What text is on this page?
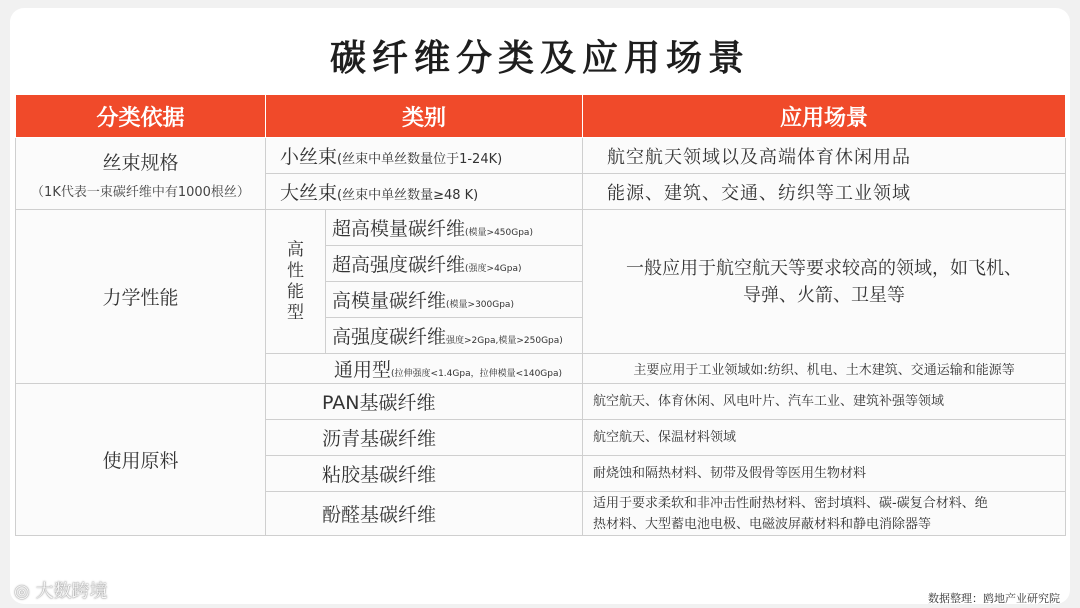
碳纤维分类及应用场景
分类依据	类别		应用场景
丝束规格
（1K代表一束碳纤维中有1000根丝）	小丝束(丝束中单丝数量位于1-24K)		航空航天领域以及高端体育休闲用品
	大丝束(丝束中单丝数量≥48 K)		能源、建筑、交通、纺织等工业领域
力学性能	高性能型	超高模量碳纤维(模量>450Gpa)	一般应用于航空航天等要求较高的领域，如飞机、
导弹、火箭、卫星等
		超高强度碳纤维(强度>4Gpa)	
		高模量碳纤维(模量>300Gpa)	
		高强度碳纤维强度>2Gpa,模量>250Gpa)	
	通用型(拉伸强度<1.4Gpa，拉伸模量<140Gpa)		主要应用于工业领域如:纺织、机电、土木建筑、交通运输和能源等
使用原料	PAN基碳纤维		航空航天、体育休闲、风电叶片、汽车工业、建筑补强等领域
	沥青基碳纤维		航空航天、保温材料领域
	粘胶基碳纤维		耐烧蚀和隔热材料、韧带及假骨等医用生物材料
	酚醛基碳纤维		适用于要求柔软和非冲击性耐热材料、密封填料、碳-碳复合材料、绝
热材料、大型蓄电池电极、电磁波屏蔽材料和静电消除器等
◎ 大数跨境	数据整理：鸥地产业研究院
